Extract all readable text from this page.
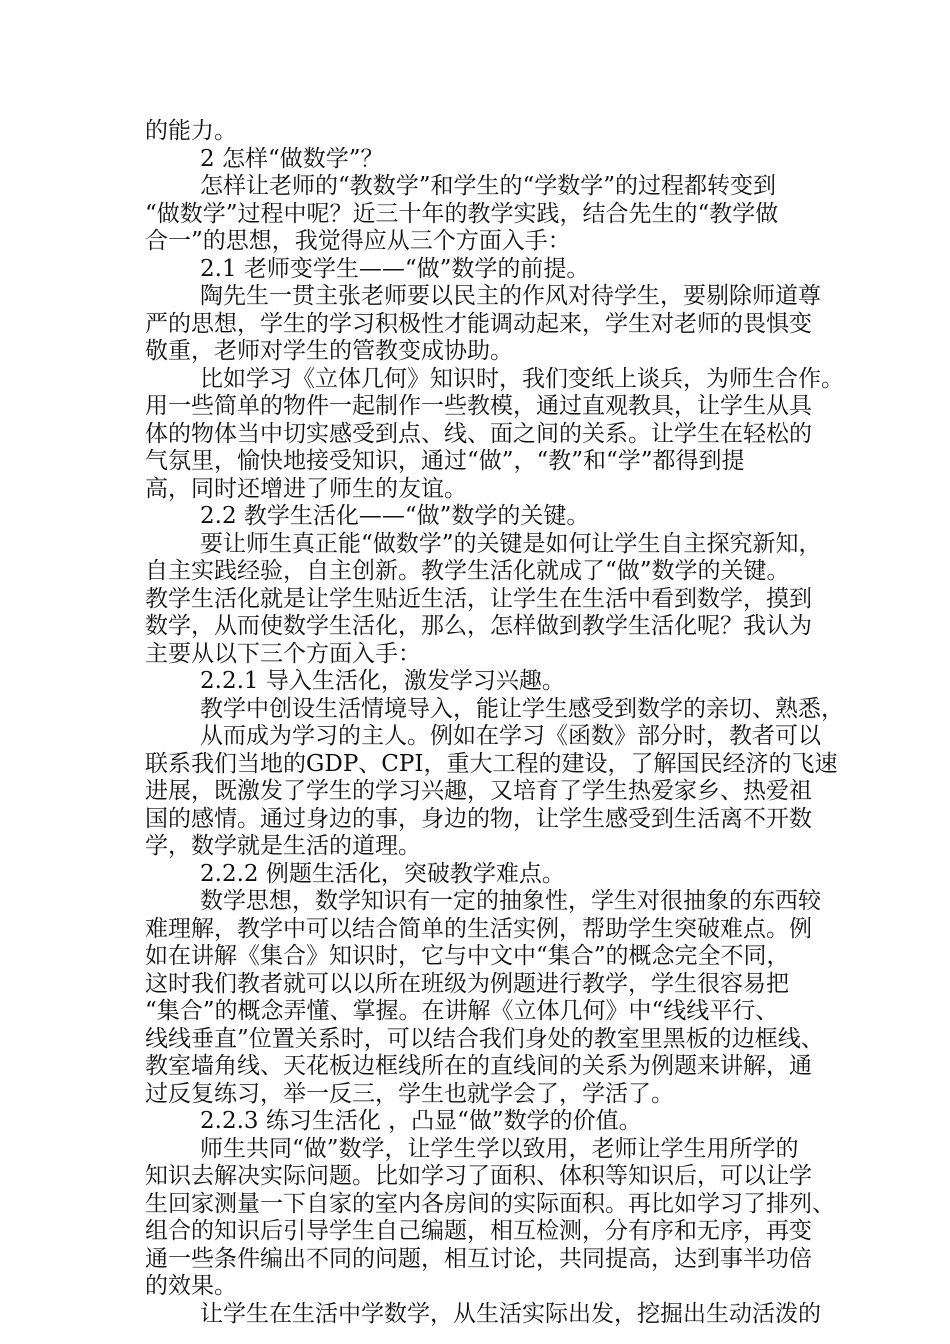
的能力。

2 怎样“做数学”？

怎样让老师的“教数学”和学生的“学数学”的过程都转变到

“做数学”过程中呢？近三十年的教学实践，结合先生的“教学做

合一”的思想，我觉得应从三个方面入手：

2.1 老师变学生——“做”数学的前提。

陶先生一贯主张老师要以民主的作风对待学生，要剔除师道尊

严的思想，学生的学习积极性才能调动起来，学生对老师的畏惧变

敬重，老师对学生的管教变成协助。

比如学习《立体几何》知识时，我们变纸上谈兵，为师生合作。

用一些简单的物件一起制作一些教模，通过直观教具，让学生从具

体的物体当中切实感受到点、线、面之间的关系。让学生在轻松的

气氛里，愉快地接受知识，通过“做”，“教”和“学”都得到提

高，同时还增进了师生的友谊。

2.2 教学生活化——“做”数学的关键。

要让师生真正能“做数学”的关键是如何让学生自主探究新知，

自主实践经验，自主创新。教学生活化就成了“做”数学的关键。

教学生活化就是让学生贴近生活，让学生在生活中看到数学，摸到

数学，从而使数学生活化，那么，怎样做到教学生活化呢？我认为

主要从以下三个方面入手：

2.2.1 导入生活化，激发学习兴趣。

教学中创设生活情境导入，能让学生感受到数学的亲切、熟悉，

从而成为学习的主人。例如在学习《函数》部分时，教者可以

联系我们当地的GDP、CPI，重大工程的建设，了解国民经济的飞速

进展，既激发了学生的学习兴趣，又培育了学生热爱家乡、热爱祖

国的感情。通过身边的事，身边的物，让学生感受到生活离不开数

学，数学就是生活的道理。

2.2.2 例题生活化，突破教学难点。

数学思想，数学知识有一定的抽象性，学生对很抽象的东西较

难理解，教学中可以结合简单的生活实例，帮助学生突破难点。例

如在讲解《集合》知识时，它与中文中“集合”的概念完全不同，

这时我们教者就可以以所在班级为例题进行教学，学生很容易把

“集合”的概念弄懂、掌握。在讲解《立体几何》中“线线平行、

线线垂直”位置关系时，可以结合我们身处的教室里黑板的边框线、

教室墙角线、天花板边框线所在的直线间的关系为例题来讲解，通

过反复练习，举一反三，学生也就学会了，学活了。

2.2.3 练习生活化 ，凸显“做”数学的价值。

师生共同“做”数学，让学生学以致用，老师让学生用所学的

知识去解决实际问题。比如学习了面积、体积等知识后，可以让学

生回家测量一下自家的室内各房间的实际面积。再比如学习了排列、

组合的知识后引导学生自己编题，相互检测，分有序和无序，再变

通一些条件编出不同的问题，相互讨论，共同提高，达到事半功倍

的效果。

让学生在生活中学数学，从生活实际出发，挖掘出生动活泼的
